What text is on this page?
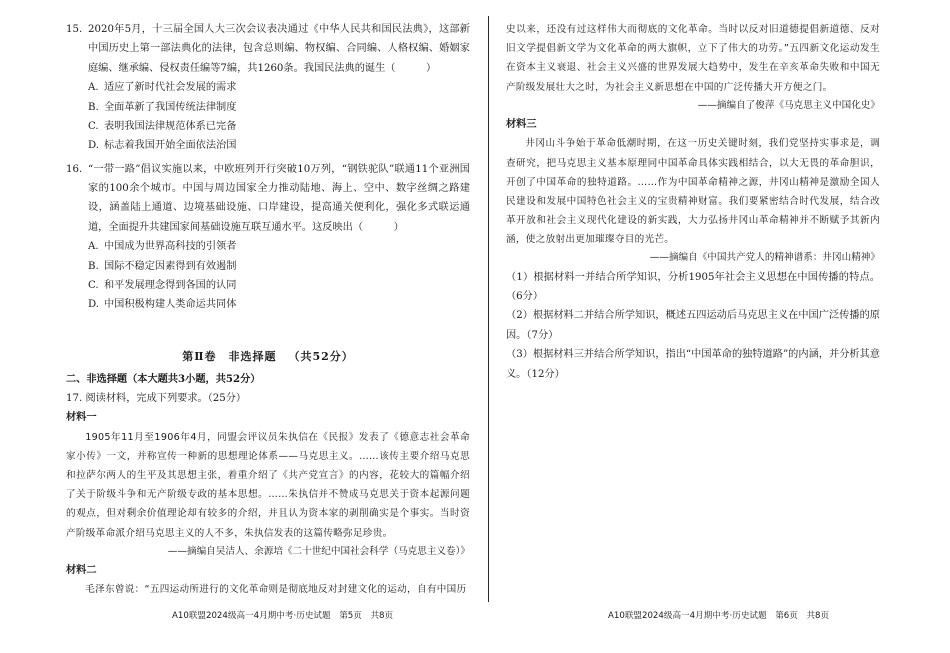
15. 2020年5月，十三届全国人大三次会议表决通过《中华人民共和国民法典》，这部新中国历史上第一部法典化的法律，包含总则编、物权编、合同编、人格权编、婚姻家庭编、继承编、侵权责任编等7编，共1260条。我国民法典的诞生（　　　）

A. 适应了新时代社会发展的需求

B. 全面革新了我国传统法律制度

C. 表明我国法律规范体系已完备

D. 标志着我国开始全面依法治国

16. “一带一路”倡议实施以来，中欧班列开行突破10万列，“钢铁驼队”联通11个亚洲国家的100余个城市。中国与周边国家全力推动陆地、海上、空中、数字丝绸之路建设，涵盖陆上通道、边境基础设施、口岸建设，提高通关便利化，强化多式联运通道，全面提升共建国家间基础设施互联互通水平。这反映出（　　　）

A. 中国成为世界高科技的引领者

B. 国际不稳定因素得到有效遏制

C. 和平发展理念得到各国的认同

D. 中国积极构建人类命运共同体

第Ⅱ卷 非选择题 （共52分）

二、非选择题（本大题共3小题，共52分）

17. 阅读材料，完成下列要求。（25分）

材料一

1905年11月至1906年4月，同盟会评议员朱执信在《民报》发表了《德意志社会革命家小传》一文，并称宣传一种新的思想理论体系——马克思主义。……该传主要介绍马克思和拉萨尔两人的生平及其思想主张，着重介绍了《共产党宣言》的内容，花较大的篇幅介绍了关于阶级斗争和无产阶级专政的基本思想。……朱执信并不赞成马克思关于资本起源问题的观点，但对剩余价值理论却有较多的介绍，并且认为资本家的剥削确实是个事实。当时资产阶级革命派介绍马克思主义的人不多，朱执信发表的这篇传略弥足珍贵。

——摘编自吴洁人、余源培《二十世纪中国社会科学（马克思主义卷）》

材料二

毛泽东曾说：“五四运动所进行的文化革命则是彻底地反对封建文化的运动，自有中国历

史以来，还没有过这样伟大而彻底的文化革命。当时以反对旧道德提倡新道德、反对旧文学提倡新文学为文化革命的两大旗帜，立下了伟大的功劳。”五四新文化运动发生在资本主义衰退、社会主义兴盛的世界发展大趋势中，发生在辛亥革命失败和中国无产阶级发展壮大之时，为社会主义新思想在中国的广泛传播大开方便之门。

——摘编自了俊萍《马克思主义中国化史》

材料三

井冈山斗争始于革命低潮时期，在这一历史关键时刻，我们党坚持实事求是，调查研究，把马克思主义基本原理同中国革命具体实践相结合，以大无畏的革命胆识，开创了中国革命的独特道路。……作为中国革命精神之源，井冈山精神是激励全国人民建设和发展中国特色社会主义的宝贵精神财富。我们要紧密结合时代发展，结合改革开放和社会主义现代化建设的新实践，大力弘扬井冈山革命精神并不断赋予其新内涵，使之放射出更加璀璨夺目的光芒。

——摘编自《中国共产党人的精神谱系：井冈山精神》

（1）根据材料一并结合所学知识，分析1905年社会主义思想在中国传播的特点。（6分）

（2）根据材料二并结合所学知识，概述五四运动后马克思主义在中国广泛传播的原因。（7分）

（3）根据材料三并结合所学知识，指出“中国革命的独特道路”的内涵，并分析其意义。（12分）

A10联盟2024级高一4月期中考·历史试题　第5页　共8页	A10联盟2024级高一4月期中考·历史试题　第6页　共8页
